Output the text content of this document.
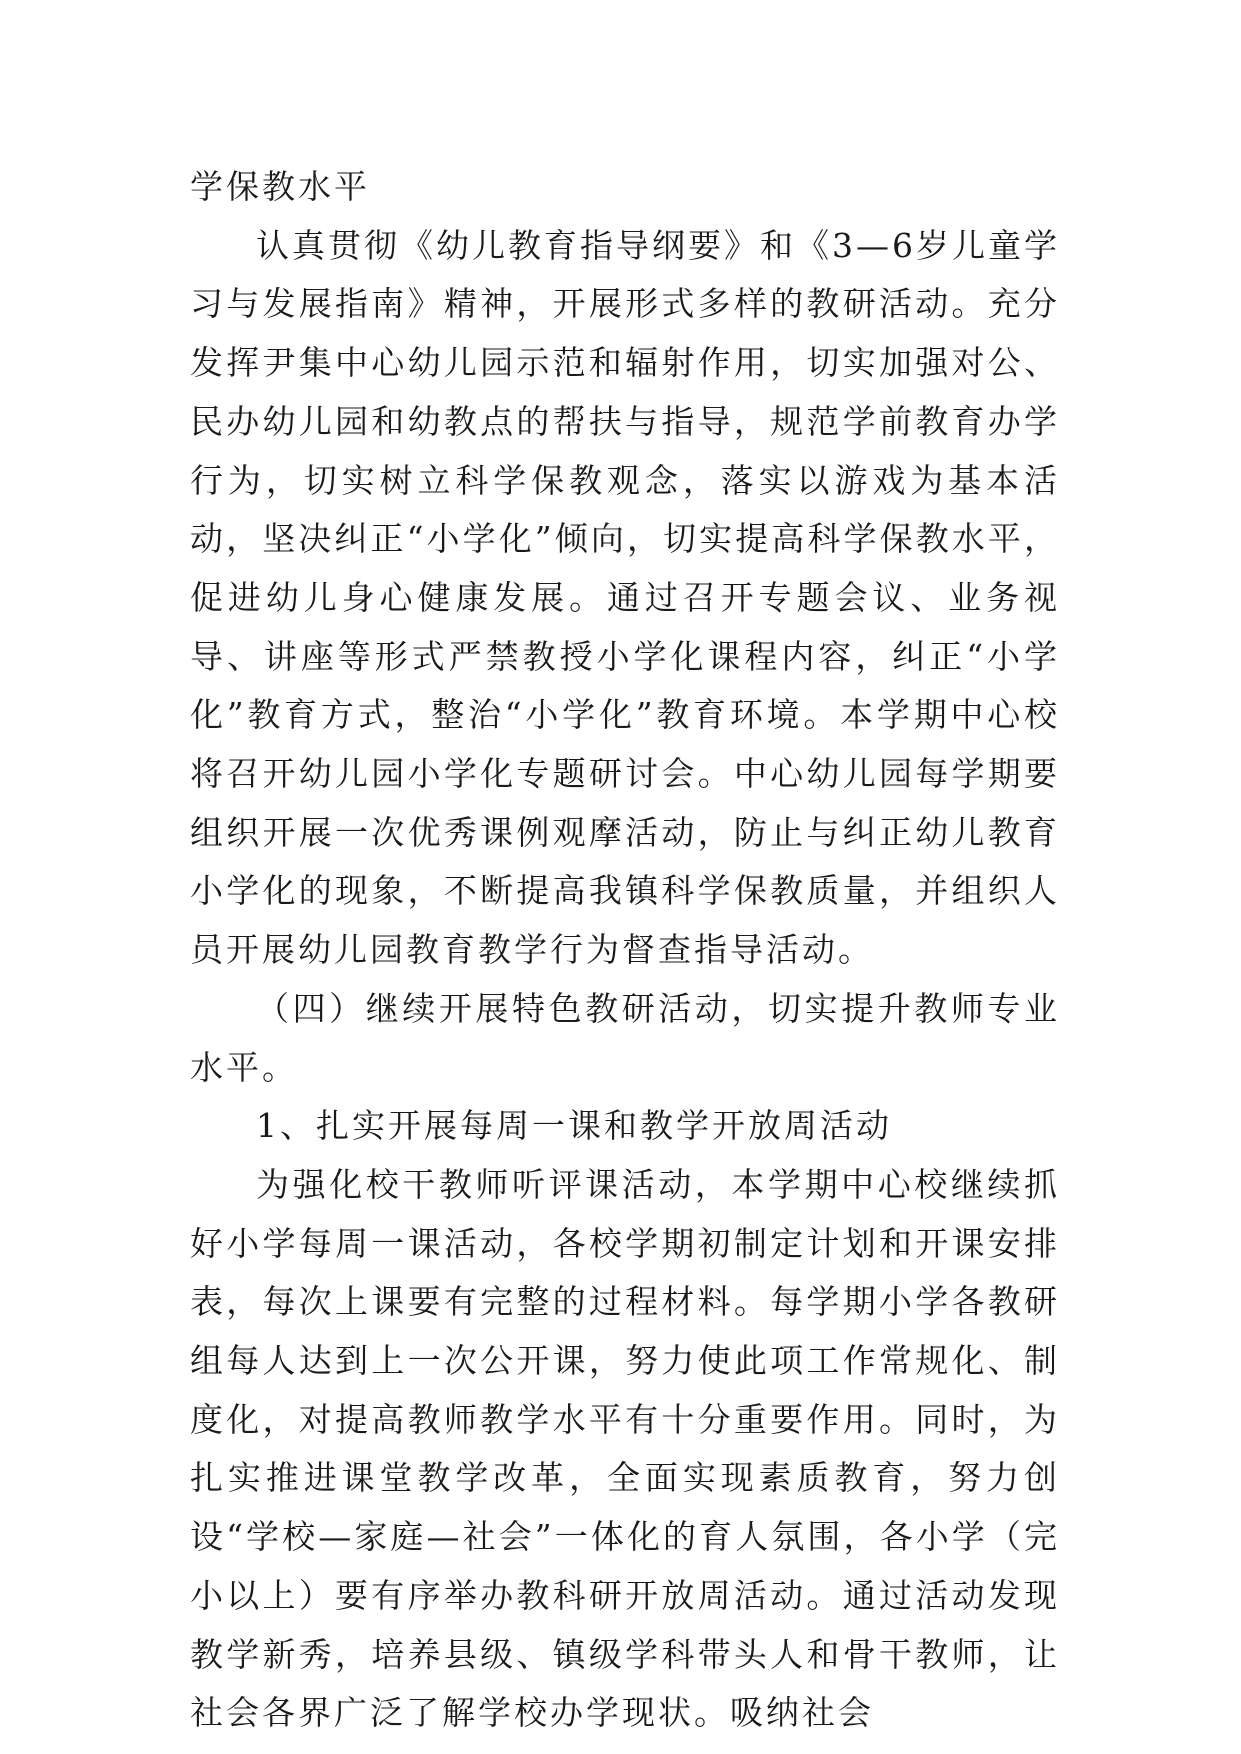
学保教水平

认真贯彻《幼儿教育指导纲要》和《3—6岁儿童学习与发展指南》精神，开展形式多样的教研活动。充分发挥尹集中心幼儿园示范和辐射作用，切实加强对公、民办幼儿园和幼教点的帮扶与指导，规范学前教育办学行为，切实树立科学保教观念，落实以游戏为基本活动，坚决纠正“小学化”倾向，切实提高科学保教水平，促进幼儿身心健康发展。通过召开专题会议、业务视导、讲座等形式严禁教授小学化课程内容，纠正“小学化”教育方式，整治“小学化”教育环境。本学期中心校将召开幼儿园小学化专题研讨会。中心幼儿园每学期要组织开展一次优秀课例观摩活动，防止与纠正幼儿教育小学化的现象，不断提高我镇科学保教质量，并组织人员开展幼儿园教育教学行为督查指导活动。

（四）继续开展特色教研活动，切实提升教师专业水平。

1、扎实开展每周一课和教学开放周活动

为强化校干教师听评课活动，本学期中心校继续抓好小学每周一课活动，各校学期初制定计划和开课安排表，每次上课要有完整的过程材料。每学期小学各教研组每人达到上一次公开课，努力使此项工作常规化、制度化，对提高教师教学水平有十分重要作用。同时，为扎实推进课堂教学改革，全面实现素质教育，努力创设“学校—家庭—社会”一体化的育人氛围，各小学（完小以上）要有序举办教科研开放周活动。通过活动发现教学新秀，培养县级、镇级学科带头人和骨干教师，让社会各界广泛了解学校办学现状。吸纳社会
